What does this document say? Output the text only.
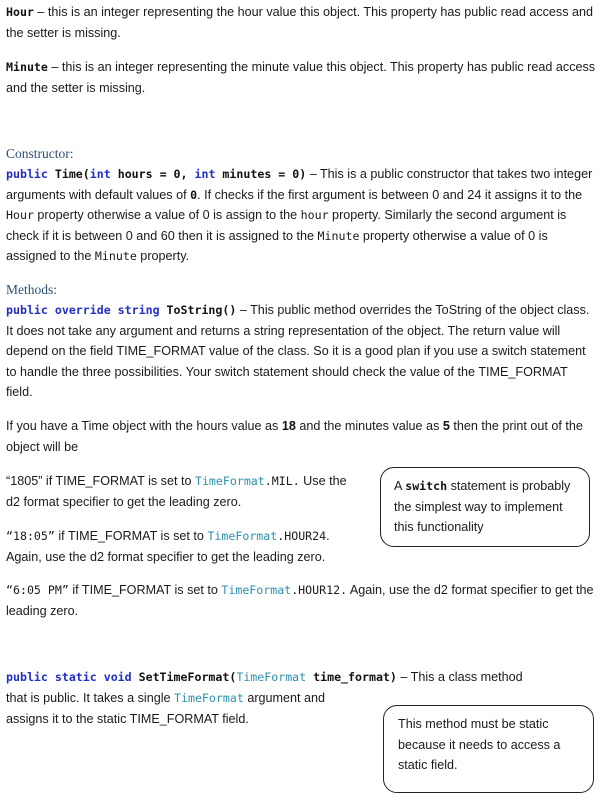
Hour – this is an integer representing the hour value this object. This property has public read access and the setter is missing.

Minute – this is an integer representing the minute value this object. This property has public read access and the setter is missing.

Constructor:

public Time(int hours = 0, int minutes = 0) – This is a public constructor that takes two integer arguments with default values of 0. If checks if the first argument is between 0 and 24 it assigns it to the Hour property otherwise a value of 0 is assign to the hour property. Similarly the second argument is check if it is between 0 and 60 then it is assigned to the Minute property otherwise a value of 0 is assigned to the Minute property.

Methods:

public override string ToString() – This public method overrides the ToString of the object class. It does not take any argument and returns a string representation of the object. The return value will depend on the field TIME_FORMAT value of the class. So it is a good plan if you use a switch statement to handle the three possibilities. Your switch statement should check the value of the TIME_FORMAT field.

If you have a Time object with the hours value as 18 and the minutes value as 5 then the print out of the object will be

“1805” if TIME_FORMAT is set to TimeFormat.MIL. Use the d2 format specifier to get the leading zero.

“18:05” if TIME_FORMAT is set to TimeFormat.HOUR24. Again, use the d2 format specifier to get the leading zero.

“6:05 PM” if TIME_FORMAT is set to TimeFormat.HOUR12. Again, use the d2 format specifier to get the leading zero.

A switch statement is probably the simplest way to implement this functionality

public static void SetTimeFormat(TimeFormat time_format) – This a class method

that is public. It takes a single TimeFormat argument and assigns it to the static TIME_FORMAT field.	This method must be static because it needs to access a static field.
